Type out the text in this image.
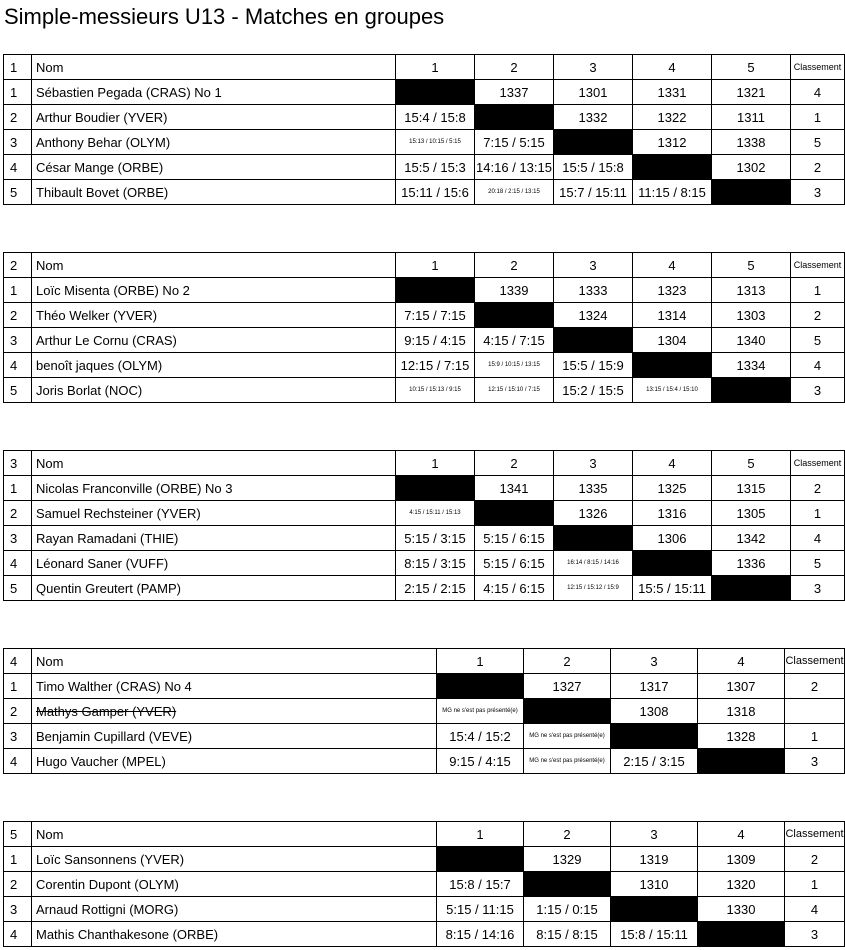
Simple-messieurs U13 - Matches en groupes
1	Nom	1	2	3	4	5	Classement
1	Sébastien Pegada (CRAS) No 1		1337	1301	1331	1321	4
2	Arthur Boudier (YVER)	15:4 / 15:8		1332	1322	1311	1
3	Anthony Behar (OLYM)	15:13 / 10:15 / 5:15	7:15 / 5:15		1312	1338	5
4	César Mange (ORBE)	15:5 / 15:3	14:16 / 13:15	15:5 / 15:8		1302	2
5	Thibault Bovet (ORBE)	15:11 / 15:6	20:18 / 2:15 / 13:15	15:7 / 15:11	11:15 / 8:15		3
2	Nom	1	2	3	4	5	Classement
1	Loïc Misenta (ORBE) No 2		1339	1333	1323	1313	1
2	Théo Welker (YVER)	7:15 / 7:15		1324	1314	1303	2
3	Arthur Le Cornu (CRAS)	9:15 / 4:15	4:15 / 7:15		1304	1340	5
4	benoît jaques (OLYM)	12:15 / 7:15	15:9 / 10:15 / 13:15	15:5 / 15:9		1334	4
5	Joris Borlat (NOC)	10:15 / 15:13 / 9:15	12:15 / 15:10 / 7:15	15:2 / 15:5	13:15 / 15:4 / 15:10		3
3	Nom	1	2	3	4	5	Classement
1	Nicolas Franconville (ORBE) No 3		1341	1335	1325	1315	2
2	Samuel Rechsteiner (YVER)	4:15 / 15:11 / 15:13		1326	1316	1305	1
3	Rayan Ramadani (THIE)	5:15 / 3:15	5:15 / 6:15		1306	1342	4
4	Léonard Saner (VUFF)	8:15 / 3:15	5:15 / 6:15	16:14 / 8:15 / 14:16		1336	5
5	Quentin Greutert (PAMP)	2:15 / 2:15	4:15 / 6:15	12:15 / 15:12 / 15:9	15:5 / 15:11		3
4	Nom	1	2	3	4	Classement
1	Timo Walther (CRAS) No 4		1327	1317	1307	2
2	Mathys Gamper (YVER)	MG ne s'est pas présenté(e)		1308	1318	
3	Benjamin Cupillard (VEVE)	15:4 / 15:2	MG ne s'est pas présenté(e)		1328	1
4	Hugo Vaucher (MPEL)	9:15 / 4:15	MG ne s'est pas présenté(e)	2:15 / 3:15		3
5	Nom	1	2	3	4	Classement
1	Loïc Sansonnens (YVER)		1329	1319	1309	2
2	Corentin Dupont (OLYM)	15:8 / 15:7		1310	1320	1
3	Arnaud Rottigni (MORG)	5:15 / 11:15	1:15 / 0:15		1330	4
4	Mathis Chanthakesone (ORBE)	8:15 / 14:16	8:15 / 8:15	15:8 / 15:11		3
